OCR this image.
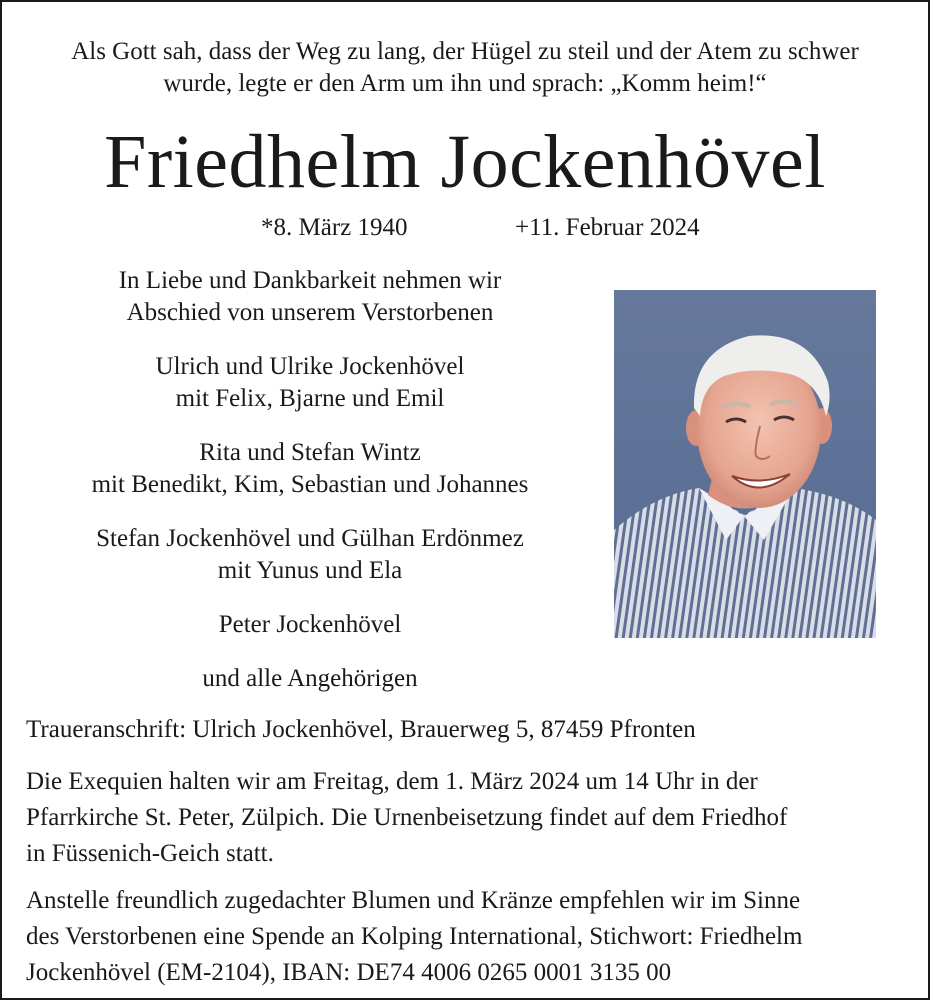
Als Gott sah, dass der Weg zu lang, der Hügel zu steil und der Atem zu schwer
wurde, legte er den Arm um ihn und sprach: „Komm heim!“
Friedhelm Jockenhövel
*8. März 1940	+11. Februar 2024
In Liebe und Dankbarkeit nehmen wir
Abschied von unserem Verstorbenen
Ulrich und Ulrike Jockenhövel
mit Felix, Bjarne und Emil
Rita und Stefan Wintz
mit Benedikt, Kim, Sebastian und Johannes
Stefan Jockenhövel und Gülhan Erdönmez
mit Yunus und Ela
Peter Jockenhövel
und alle Angehörigen
Traueranschrift: Ulrich Jockenhövel, Brauerweg 5, 87459 Pfronten
Die Exequien halten wir am Freitag, dem 1. März 2024 um 14 Uhr in der
Pfarrkirche St. Peter, Zülpich. Die Urnenbeisetzung findet auf dem Friedhof
in Füssenich-Geich statt.
Anstelle freundlich zugedachter Blumen und Kränze empfehlen wir im Sinne
des Verstorbenen eine Spende an Kolping International, Stichwort: Friedhelm
Jockenhövel (EM-2104), IBAN: DE74 4006 0265 0001 3135 00
